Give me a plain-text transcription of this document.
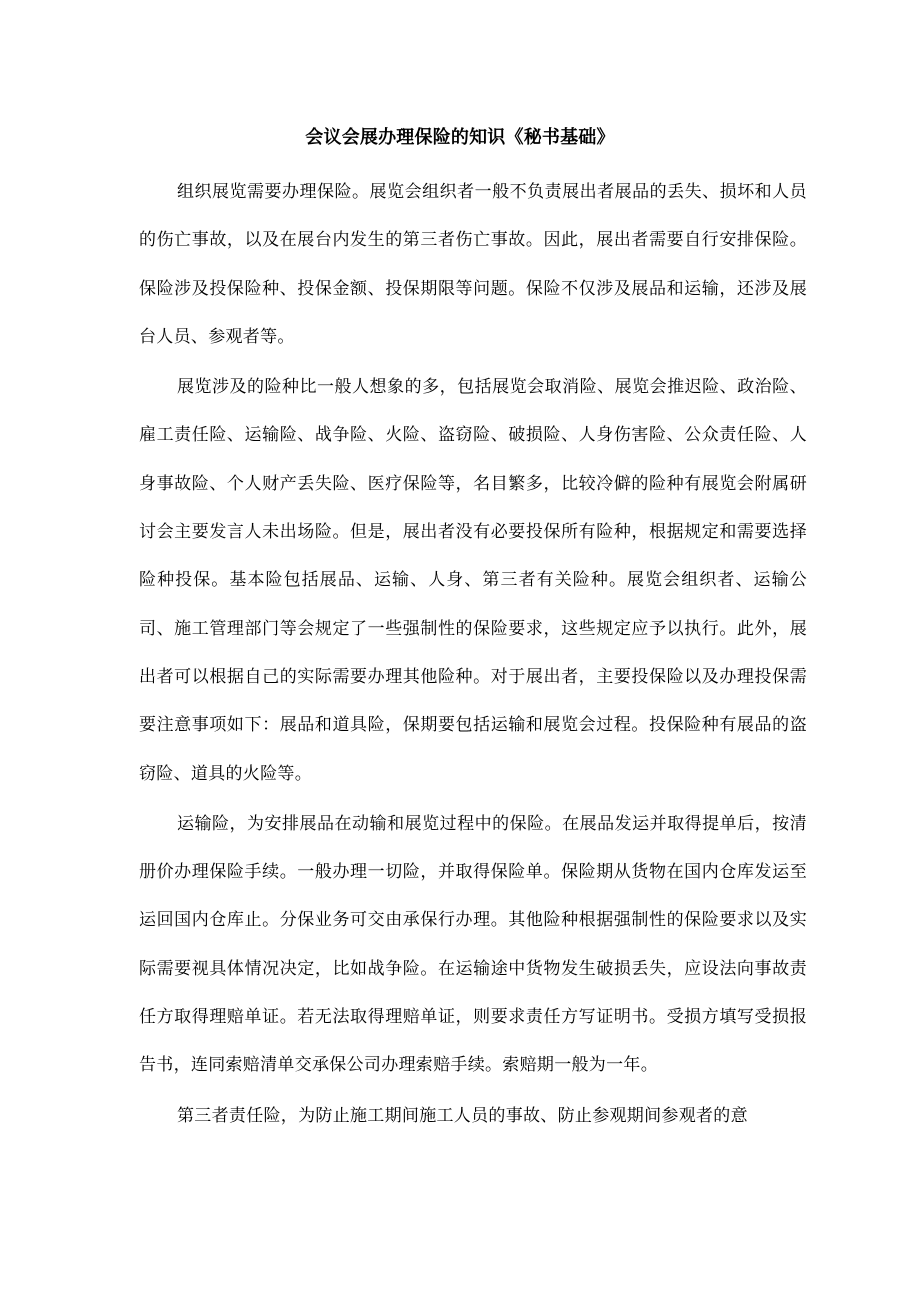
会议会展办理保险的知识《秘书基础》

组织展览需要办理保险。展览会组织者一般不负责展出者展品的丢失、损坏和人员的伤亡事故，以及在展台内发生的第三者伤亡事故。因此，展出者需要自行安排保险。保险涉及投保险种、投保金额、投保期限等问题。保险不仅涉及展品和运输，还涉及展台人员、参观者等。

展览涉及的险种比一般人想象的多，包括展览会取消险、展览会推迟险、政治险、雇工责任险、运输险、战争险、火险、盗窃险、破损险、人身伤害险、公众责任险、人身事故险、个人财产丢失险、医疗保险等，名目繁多，比较冷僻的险种有展览会附属研讨会主要发言人未出场险。但是，展出者没有必要投保所有险种，根据规定和需要选择险种投保。基本险包括展品、运输、人身、第三者有关险种。展览会组织者、运输公司、施工管理部门等会规定了一些强制性的保险要求，这些规定应予以执行。此外，展出者可以根据自己的实际需要办理其他险种。对于展出者，主要投保险以及办理投保需要注意事项如下：展品和道具险，保期要包括运输和展览会过程。投保险种有展品的盗窃险、道具的火险等。

运输险，为安排展品在动输和展览过程中的保险。在展品发运并取得提单后，按清册价办理保险手续。一般办理一切险，并取得保险单。保险期从货物在国内仓库发运至运回国内仓库止。分保业务可交由承保行办理。其他险种根据强制性的保险要求以及实际需要视具体情况决定，比如战争险。在运输途中货物发生破损丢失，应设法向事故责任方取得理赔单证。若无法取得理赔单证，则要求责任方写证明书。受损方填写受损报告书，连同索赔清单交承保公司办理索赔手续。索赔期一般为一年。

第三者责任险，为防止施工期间施工人员的事故、防止参观期间参观者的意
